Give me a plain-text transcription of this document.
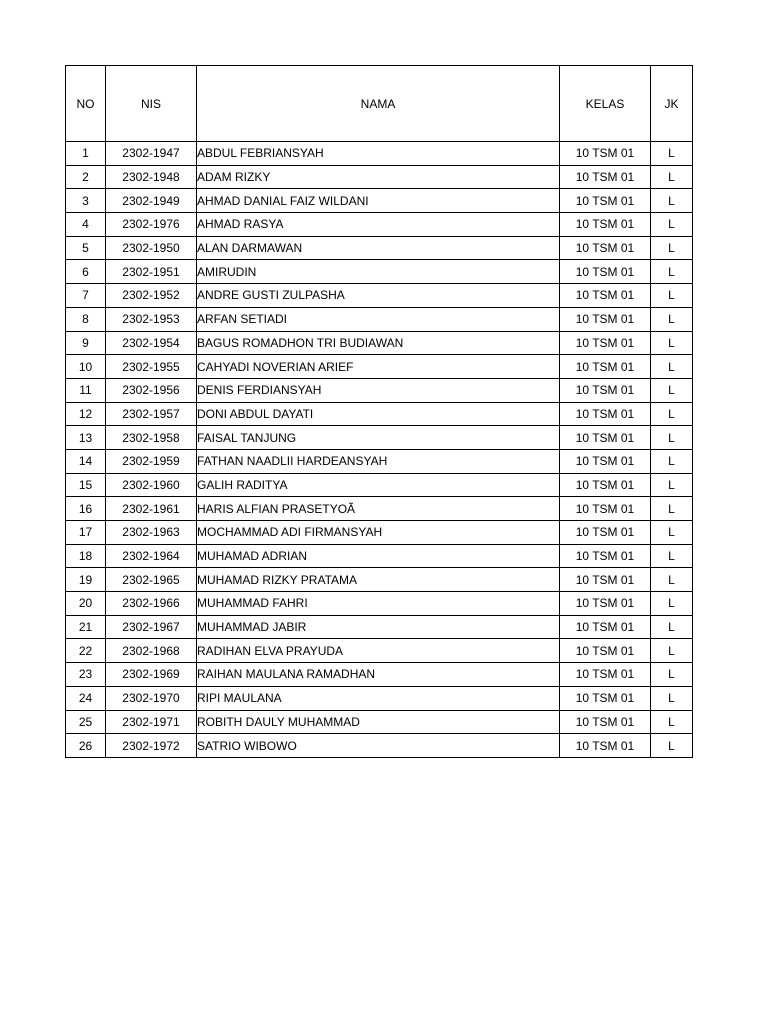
NO	NIS	NAMA	KELAS	JK
1	2302-1947	ABDUL FEBRIANSYAH	10 TSM 01	L
2	2302-1948	ADAM RIZKY	10 TSM 01	L
3	2302-1949	AHMAD DANIAL FAIZ WILDANI	10 TSM 01	L
4	2302-1976	AHMAD RASYA	10 TSM 01	L
5	2302-1950	ALAN DARMAWAN	10 TSM 01	L
6	2302-1951	AMIRUDIN	10 TSM 01	L
7	2302-1952	ANDRE GUSTI ZULPASHA	10 TSM 01	L
8	2302-1953	ARFAN SETIADI	10 TSM 01	L
9	2302-1954	BAGUS ROMADHON TRI BUDIAWAN	10 TSM 01	L
10	2302-1955	CAHYADI NOVERIAN ARIEF	10 TSM 01	L
11	2302-1956	DENIS FERDIANSYAH	10 TSM 01	L
12	2302-1957	DONI ABDUL DAYATI	10 TSM 01	L
13	2302-1958	FAISAL TANJUNG	10 TSM 01	L
14	2302-1959	FATHAN NAADLII HARDEANSYAH	10 TSM 01	L
15	2302-1960	GALIH RADITYA	10 TSM 01	L
16	2302-1961	HARIS ALFIAN PRASETYOÃ	10 TSM 01	L
17	2302-1963	MOCHAMMAD ADI FIRMANSYAH	10 TSM 01	L
18	2302-1964	MUHAMAD ADRIAN	10 TSM 01	L
19	2302-1965	MUHAMAD RIZKY PRATAMA	10 TSM 01	L
20	2302-1966	MUHAMMAD FAHRI	10 TSM 01	L
21	2302-1967	MUHAMMAD JABIR	10 TSM 01	L
22	2302-1968	RADIHAN ELVA PRAYUDA	10 TSM 01	L
23	2302-1969	RAIHAN MAULANA RAMADHAN	10 TSM 01	L
24	2302-1970	RIPI MAULANA	10 TSM 01	L
25	2302-1971	ROBITH DAULY MUHAMMAD	10 TSM 01	L
26	2302-1972	SATRIO WIBOWO	10 TSM 01	L
